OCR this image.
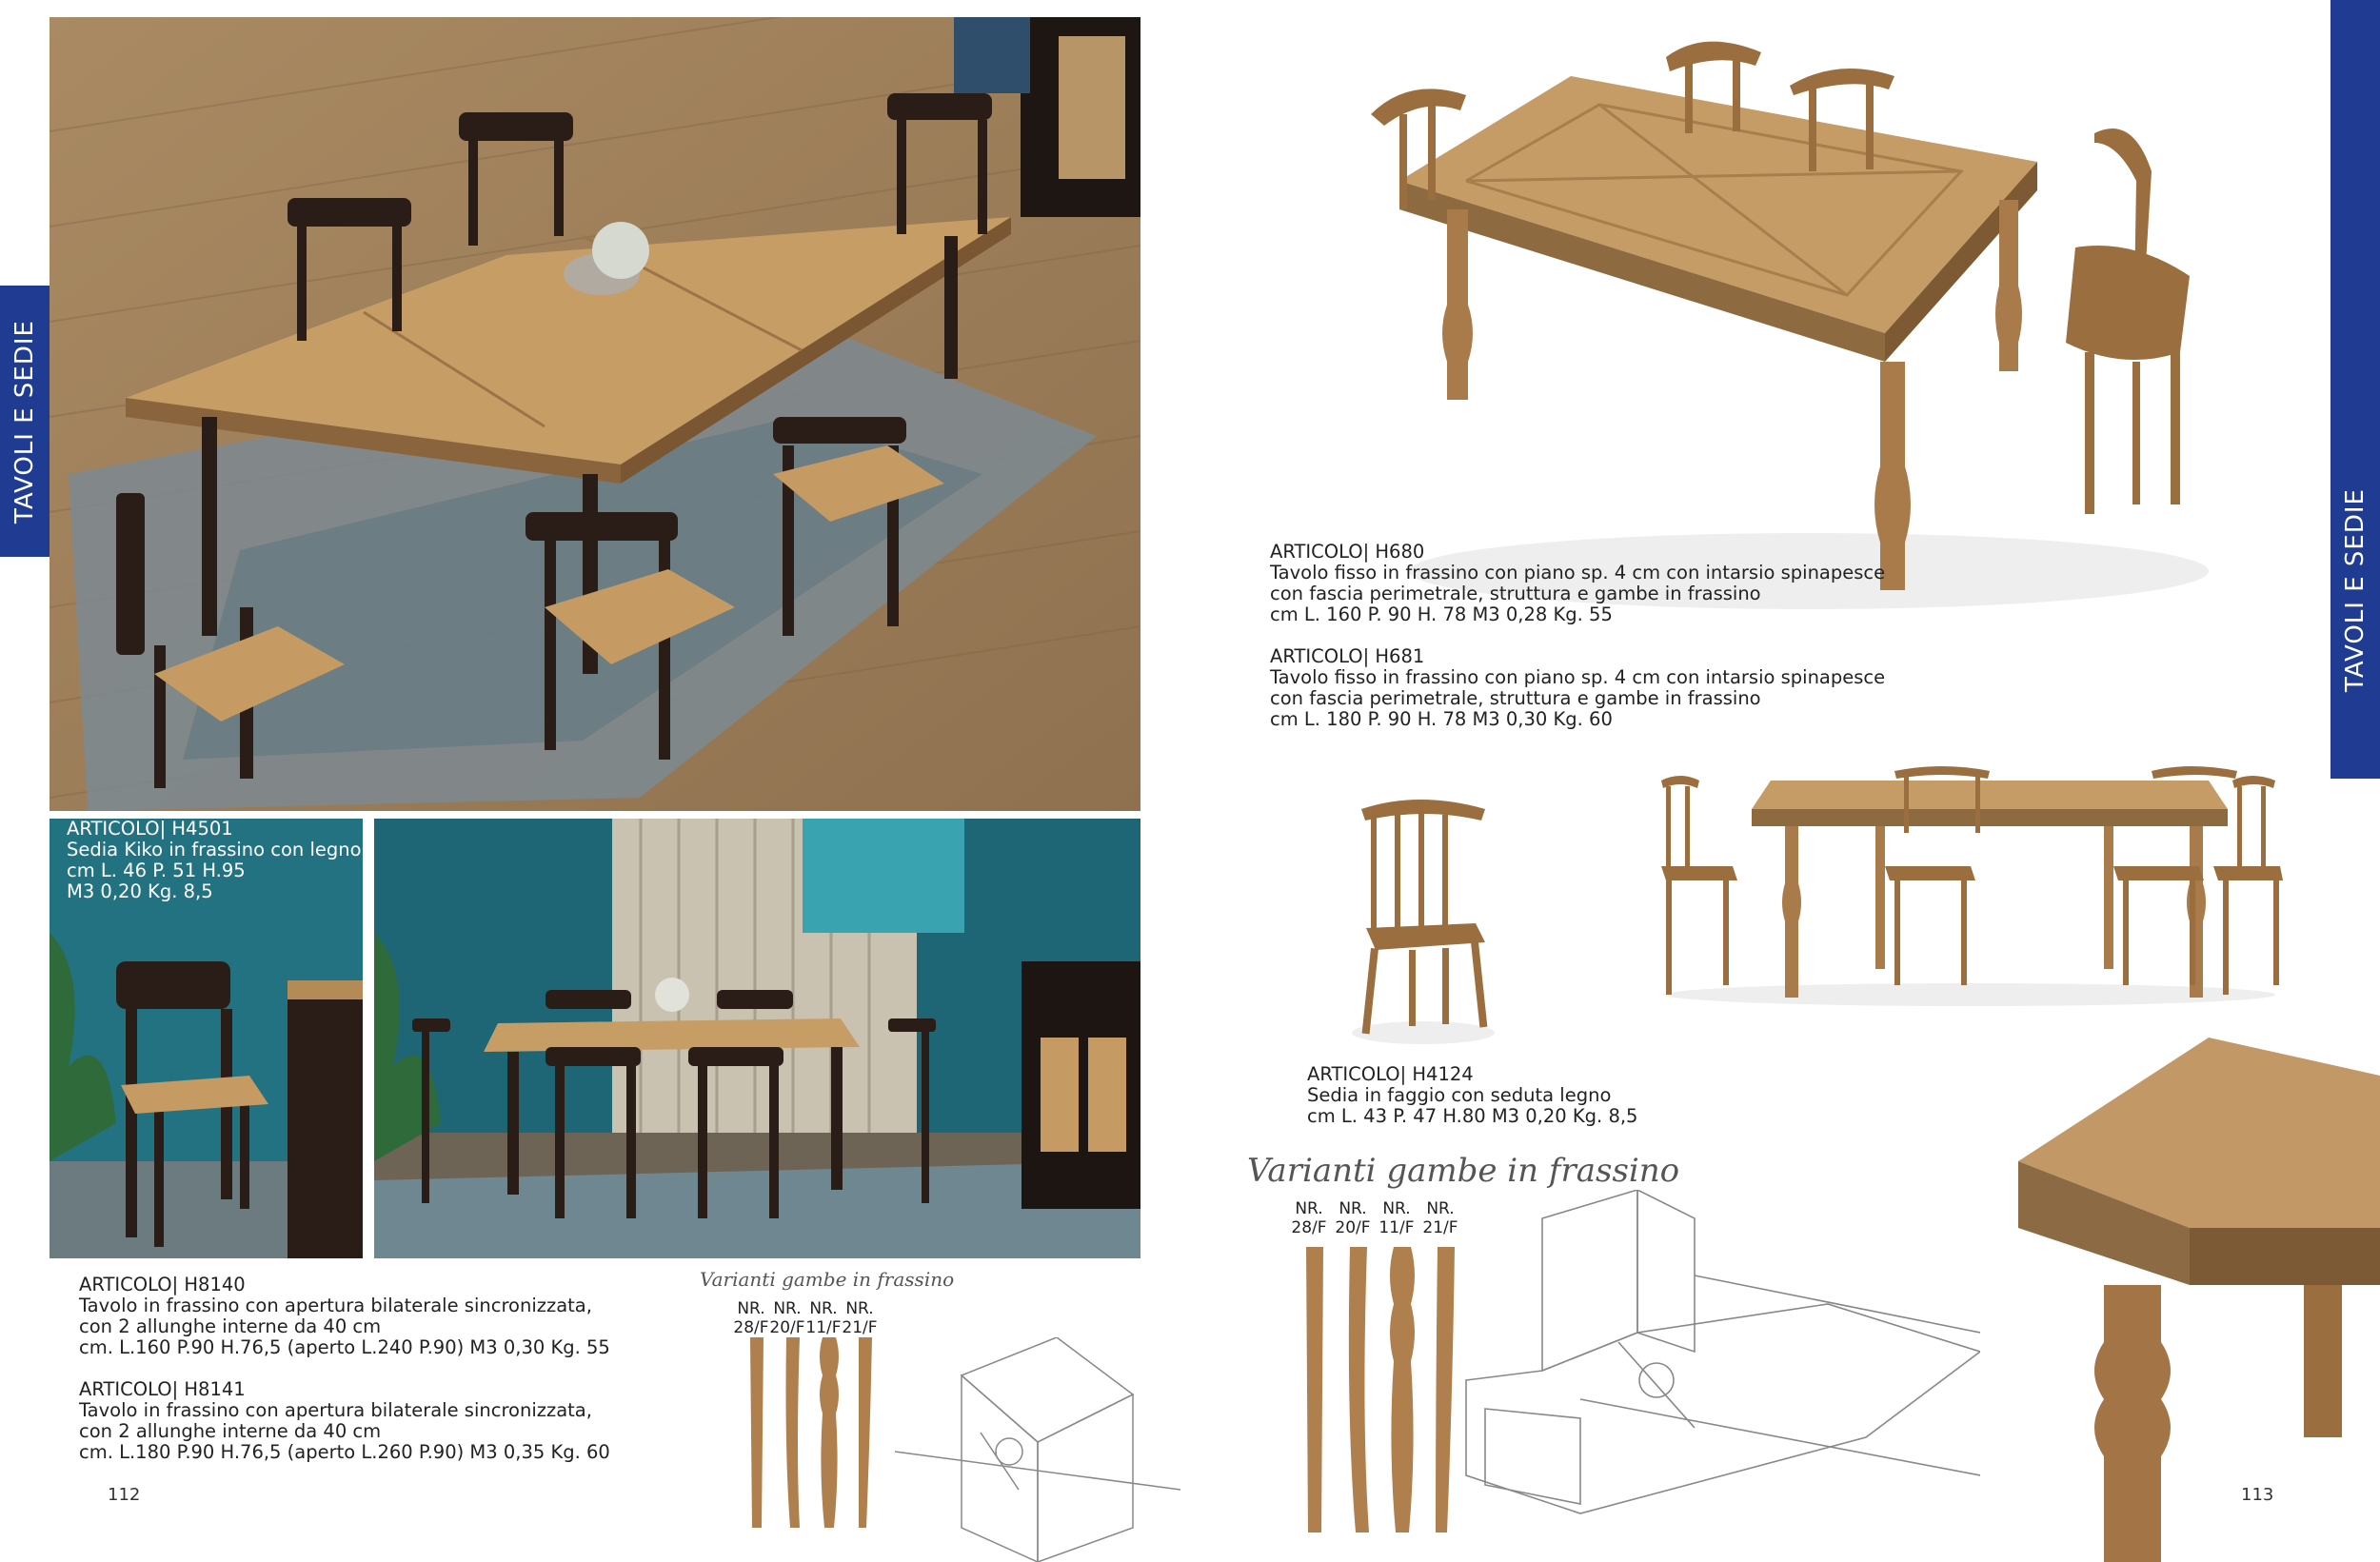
TAVOLI E SEDIE
TAVOLI E SEDIE
ARTICOLO| H4501
Sedia Kiko in frassino con legno
cm L. 46 P. 51 H.95
M3 0,20 Kg. 8,5
ARTICOLO| H8140
Tavolo in frassino con apertura bilaterale sincronizzata,
con 2 allunghe interne da 40 cm
cm. L.160 P.90 H.76,5 (aperto L.240 P.90) M3 0,30 Kg. 55
ARTICOLO| H8141
Tavolo in frassino con apertura bilaterale sincronizzata,
con 2 allunghe interne da 40 cm
cm. L.180 P.90 H.76,5 (aperto L.260 P.90) M3 0,35 Kg. 60
112
Varianti gambe in frassino
NR.
28/F
NR.
20/F
NR.
11/F
NR.
21/F
ARTICOLO| H680
Tavolo fisso in frassino con piano sp. 4 cm con intarsio spinapesce
con fascia perimetrale, struttura e gambe in frassino
cm L. 160 P. 90 H. 78 M3 0,28 Kg. 55
ARTICOLO| H681
Tavolo fisso in frassino con piano sp. 4 cm con intarsio spinapesce
con fascia perimetrale, struttura e gambe in frassino
cm L. 180 P. 90 H. 78 M3 0,30 Kg. 60
ARTICOLO| H4124
Sedia in faggio con seduta legno
cm L. 43 P. 47 H.80 M3 0,20 Kg. 8,5
Varianti gambe in frassino
NR.
28/F
NR.
20/F
NR.
11/F
NR.
21/F
113
